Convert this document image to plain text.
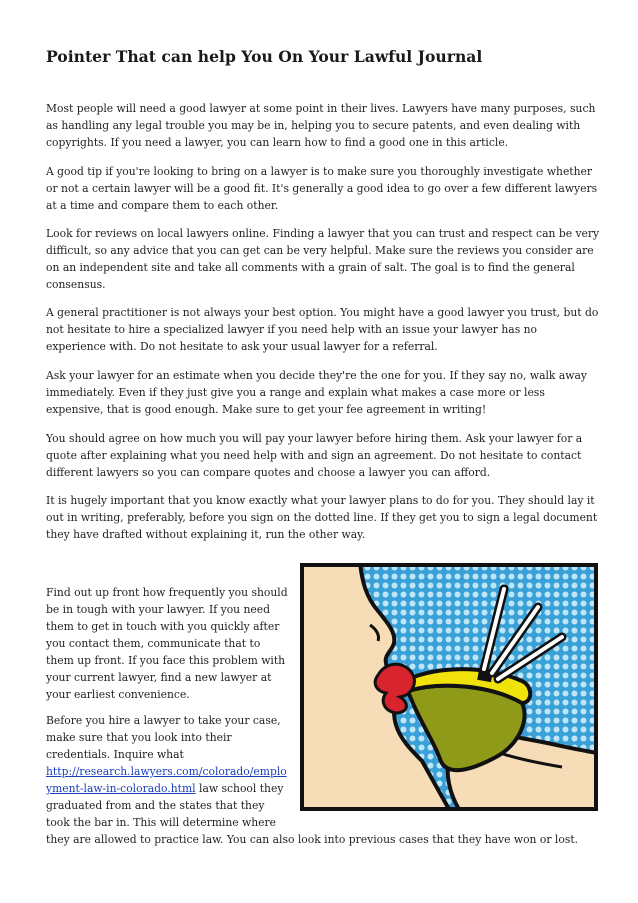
Pointer That can help You On Your Lawful Journal

Most people will need a good lawyer at some point in their lives. Lawyers have many purposes, such
as handling any legal trouble you may be in, helping you to secure patents, and even dealing with
copyrights. If you need a lawyer, you can learn how to find a good one in this article.

A good tip if you're looking to bring on a lawyer is to make sure you thoroughly investigate whether
or not a certain lawyer will be a good fit. It's generally a good idea to go over a few different lawyers
at a time and compare them to each other.

Look for reviews on local lawyers online. Finding a lawyer that you can trust and respect can be very
difficult, so any advice that you can get can be very helpful. Make sure the reviews you consider are
on an independent site and take all comments with a grain of salt. The goal is to find the general
consensus.

A general practitioner is not always your best option. You might have a good lawyer you trust, but do
not hesitate to hire a specialized lawyer if you need help with an issue your lawyer has no
experience with. Do not hesitate to ask your usual lawyer for a referral.

Ask your lawyer for an estimate when you decide they're the one for you. If they say no, walk away
immediately. Even if they just give you a range and explain what makes a case more or less
expensive, that is good enough. Make sure to get your fee agreement in writing!

You should agree on how much you will pay your lawyer before hiring them. Ask your lawyer for a
quote after explaining what you need help with and sign an agreement. Do not hesitate to contact
different lawyers so you can compare quotes and choose a lawyer you can afford.

It is hugely important that you know exactly what your lawyer plans to do for you. They should lay it
out in writing, preferably, before you sign on the dotted line. If they get you to sign a legal document
they have drafted without explaining it, run the other way.

Find out up front how frequently you should
be in tough with your lawyer. If you need
them to get in touch with you quickly after
you contact them, communicate that to
them up front. If you face this problem with
your current lawyer, find a new lawyer at
your earliest convenience.

Before you hire a lawyer to take your case,
make sure that you look into their
credentials. Inquire what
http://research.lawyers.com/colorado/emplo
yment-law-in-colorado.html law school they
graduated from and the states that they
took the bar in. This will determine where
they are allowed to practice law. You can also look into previous cases that they have won or lost.
